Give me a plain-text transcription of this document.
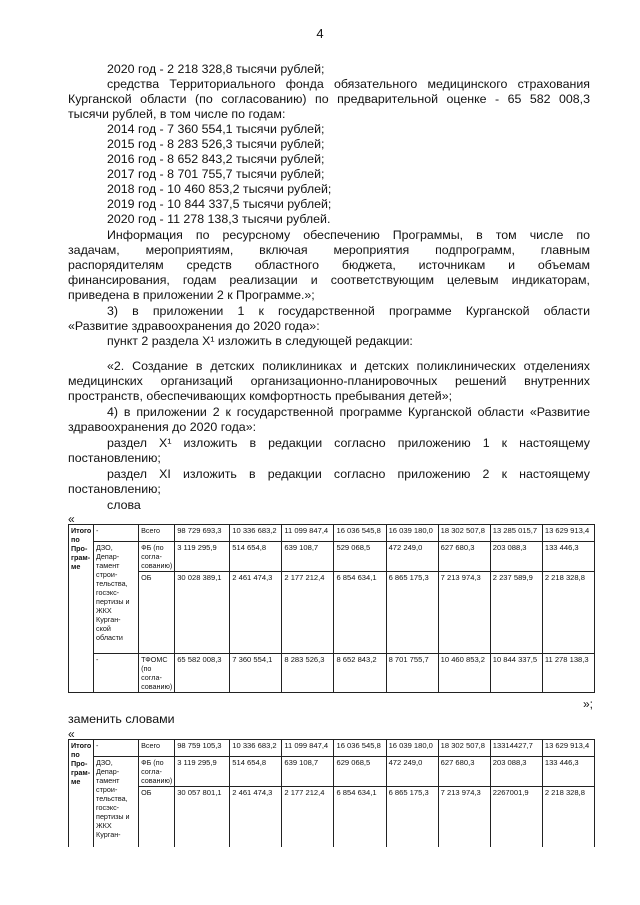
4
2020 год - 2 218 328,8 тысячи рублей;
средства Территориального фонда обязательного медицинского страхования
Курганской области (по согласованию) по предварительной оценке - 65 582 008,3
тысячи рублей, в том числе по годам:
2014 год - 7 360 554,1 тысячи рублей;
2015 год - 8 283 526,3 тысячи рублей;
2016 год - 8 652 843,2 тысячи рублей;
2017 год - 8 701 755,7 тысячи рублей;
2018 год - 10 460 853,2 тысячи рублей;
2019 год - 10 844 337,5 тысячи рублей;
2020 год - 11 278 138,3 тысячи рублей.
Информация по ресурсному обеспечению Программы, в том числе по
задачам, мероприятиям, включая мероприятия подпрограмм, главным
распорядителям средств областного бюджета, источникам и объемам
финансирования, годам реализации и соответствующим целевым индикаторам,
приведена в приложении 2 к Программе.»;
3) в приложении 1 к государственной программе Курганской области
«Развитие здравоохранения до 2020 года»:
пункт 2 раздела X¹ изложить в следующей редакции:
«2. Создание в детских поликлиниках и детских поликлинических отделениях
медицинских организаций организационно-планировочных решений внутренних
пространств, обеспечивающих комфортность пребывания детей»;
4) в приложении 2 к государственной программе Курганской области «Развитие
здравоохранения до 2020 года»:
раздел X¹ изложить в редакции согласно приложению 1 к настоящему
постановлению;
раздел XI изложить в редакции согласно приложению 2 к настоящему
постановлению;
слова
«
Итого по Про- грам- ме	-	Всего	98 729 693,3	10 336 683,2	11 099 847,4	16 036 545,8	16 039 180,0	18 302 507,8	13 285 015,7	13 629 913,4
	ДЗО, Депар- тамент строи- тельства, госэкс- пертизы и ЖКХ Курган- ской области	ФБ (по согла- сованию)	3 119 295,9	514 654,8	639 108,7	529 068,5	472 249,0	627 680,3	203 088,3	133 446,3
		ОБ	30 028 389,1	2 461 474,3	2 177 212,4	6 854 634,1	6 865 175,3	7 213 974,3	2 237 589,9	2 218 328,8
	-	ТФОМС (по согла- сованию)	65 582 008,3	7 360 554,1	8 283 526,3	8 652 843,2	8 701 755,7	10 460 853,2	10 844 337,5	11 278 138,3
»;
заменить словами
«
Итого по Про- грам- ме	-	Всего	98 759 105,3	10 336 683,2	11 099 847,4	16 036 545,8	16 039 180,0	18 302 507,8	13314427,7	13 629 913,4
	ДЗО, Депар- тамент строи- тельства, госэкс- пертизы и ЖКХ Курган-	ФБ (по согла- сованию)	3 119 295,9	514 654,8	639 108,7	629 068,5	472 249,0	627 680,3	203 088,3	133 446,3
		ОБ	30 057 801,1	2 461 474,3	2 177 212,4	6 854 634,1	6 865 175,3	7 213 974,3	2267001,9	2 218 328,8
